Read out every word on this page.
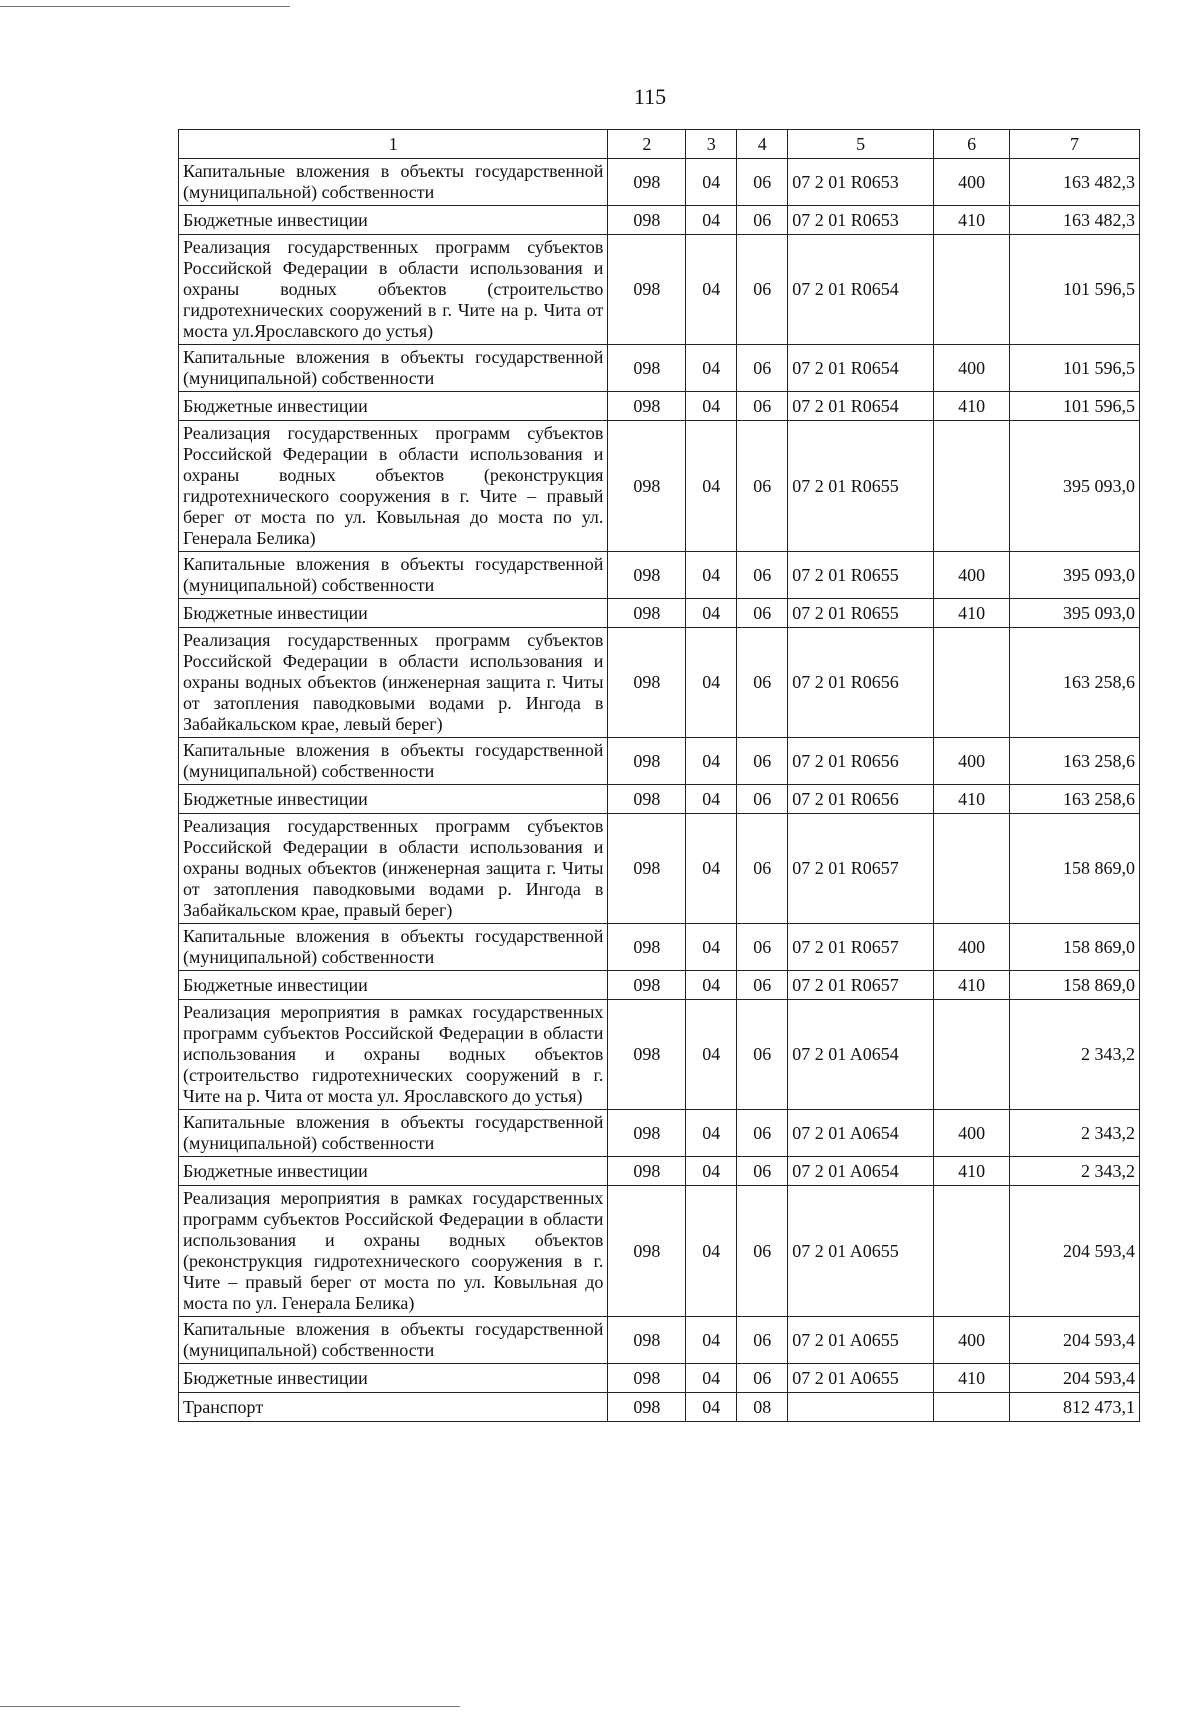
115
1	2	3	4	5	6	7
Капитальные вложения в объекты государственной (муниципальной) собственности	098	04	06	07 2 01 R0653	400	163 482,3
Бюджетные инвестиции	098	04	06	07 2 01 R0653	410	163 482,3
Реализация государственных программ субъектов Российской Федерации в области использования и охраны водных объектов (строительство гидротехнических сооружений в г. Чите на р. Чита от моста ул.Ярославского до устья)	098	04	06	07 2 01 R0654		101 596,5
Капитальные вложения в объекты государственной (муниципальной) собственности	098	04	06	07 2 01 R0654	400	101 596,5
Бюджетные инвестиции	098	04	06	07 2 01 R0654	410	101 596,5
Реализация государственных программ субъектов Российской Федерации в области использования и охраны водных объектов (реконструкция гидротехнического сооружения в г. Чите – правый берег от моста по ул. Ковыльная до моста по ул. Генерала Белика)	098	04	06	07 2 01 R0655		395 093,0
Капитальные вложения в объекты государственной (муниципальной) собственности	098	04	06	07 2 01 R0655	400	395 093,0
Бюджетные инвестиции	098	04	06	07 2 01 R0655	410	395 093,0
Реализация государственных программ субъектов Российской Федерации в области использования и охраны водных объектов (инженерная защита г. Читы от затопления паводковыми водами р. Ингода в Забайкальском крае, левый берег)	098	04	06	07 2 01 R0656		163 258,6
Капитальные вложения в объекты государственной (муниципальной) собственности	098	04	06	07 2 01 R0656	400	163 258,6
Бюджетные инвестиции	098	04	06	07 2 01 R0656	410	163 258,6
Реализация государственных программ субъектов Российской Федерации в области использования и охраны водных объектов (инженерная защита г. Читы от затопления паводковыми водами р. Ингода в Забайкальском крае, правый берег)	098	04	06	07 2 01 R0657		158 869,0
Капитальные вложения в объекты государственной (муниципальной) собственности	098	04	06	07 2 01 R0657	400	158 869,0
Бюджетные инвестиции	098	04	06	07 2 01 R0657	410	158 869,0
Реализация мероприятия в рамках государственных программ субъектов Российской Федерации в области использования и охраны водных объектов (строительство гидротехнических сооружений в г. Чите на р. Чита от моста ул. Ярославского до устья)	098	04	06	07 2 01 A0654		2 343,2
Капитальные вложения в объекты государственной (муниципальной) собственности	098	04	06	07 2 01 A0654	400	2 343,2
Бюджетные инвестиции	098	04	06	07 2 01 A0654	410	2 343,2
Реализация мероприятия в рамках государственных программ субъектов Российской Федерации в области использования и охраны водных объектов (реконструкция гидротехнического сооружения в г. Чите – правый берег от моста по ул. Ковыльная до моста по ул. Генерала Белика)	098	04	06	07 2 01 A0655		204 593,4
Капитальные вложения в объекты государственной (муниципальной) собственности	098	04	06	07 2 01 A0655	400	204 593,4
Бюджетные инвестиции	098	04	06	07 2 01 A0655	410	204 593,4
Транспорт	098	04	08			812 473,1
